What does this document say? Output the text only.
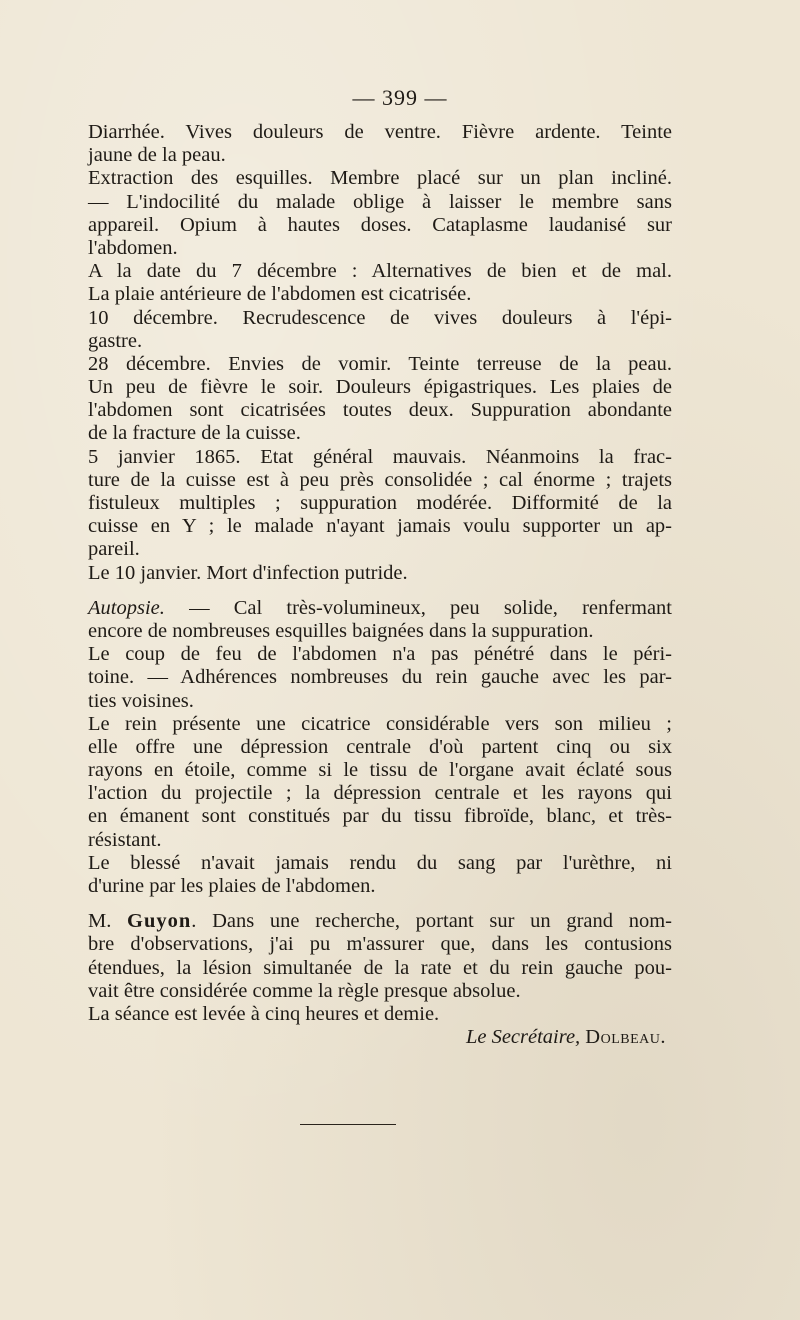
— 399 —
Diarrhée. Vives douleurs de ventre. Fièvre ardente. Teinte
jaune de la peau.
Extraction des esquilles. Membre placé sur un plan incliné.
— L'indocilité du malade oblige à laisser le membre sans
appareil. Opium à hautes doses. Cataplasme laudanisé sur
l'abdomen.
A la date du 7 décembre : Alternatives de bien et de mal.
La plaie antérieure de l'abdomen est cicatrisée.
10 décembre. Recrudescence de vives douleurs à l'épi-
gastre.
28 décembre. Envies de vomir. Teinte terreuse de la peau.
Un peu de fièvre le soir. Douleurs épigastriques. Les plaies de
l'abdomen sont cicatrisées toutes deux. Suppuration abondante
de la fracture de la cuisse.
5 janvier 1865. Etat général mauvais. Néanmoins la frac-
ture de la cuisse est à peu près consolidée ; cal énorme ; trajets
fistuleux multiples ; suppuration modérée. Difformité de la
cuisse en Y ; le malade n'ayant jamais voulu supporter un ap-
pareil.
Le 10 janvier. Mort d'infection putride.
Autopsie. — Cal très-volumineux, peu solide, renfermant
encore de nombreuses esquilles baignées dans la suppuration.
Le coup de feu de l'abdomen n'a pas pénétré dans le péri-
toine. — Adhérences nombreuses du rein gauche avec les par-
ties voisines.
Le rein présente une cicatrice considérable vers son milieu ;
elle offre une dépression centrale d'où partent cinq ou six
rayons en étoile, comme si le tissu de l'organe avait éclaté sous
l'action du projectile ; la dépression centrale et les rayons qui
en émanent sont constitués par du tissu fibroïde, blanc, et très-
résistant.
Le blessé n'avait jamais rendu du sang par l'urèthre, ni
d'urine par les plaies de l'abdomen.
M. Guyon. Dans une recherche, portant sur un grand nom-
bre d'observations, j'ai pu m'assurer que, dans les contusions
étendues, la lésion simultanée de la rate et du rein gauche pou-
vait être considérée comme la règle presque absolue.
La séance est levée à cinq heures et demie.
Le Secrétaire, Dolbeau.
